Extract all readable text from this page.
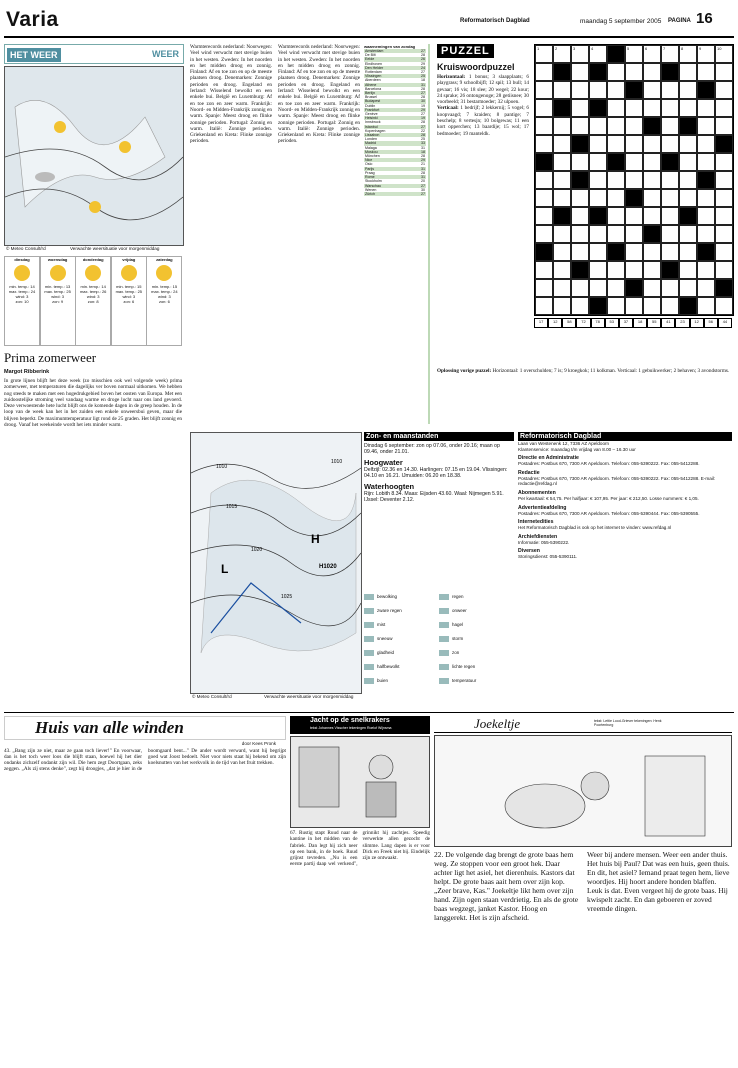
Varia	Reformatorisch Dagblad	maandag 5 september 2005 PAGINA 16
HET WEER	WEER
© Meteo Consult/rd	Verwachte weersituatie voor morgenmiddag
dinsdag
min. temp.: 14
max. temp.: 24
wind: 3
zon: 10
woensdag
min. temp.: 13
max. temp.: 25
wind: 3
zon: 9
donderdag
min. temp.: 14
max. temp.: 26
wind: 3
zon: 8
vrijdag
min. temp.: 15
max. temp.: 25
wind: 3
zon: 6
zaterdag
min. temp.: 15
max. temp.: 24
wind: 3
zon: 6
Prima zomerweer
Margot Ribberink
In grote lijnen blijft het deze week (zo misschien ook wel volgende week) prima zomerweer, met temperaturen die dagelijks ver boven normaal uitkomen. We hebben nog steeds te maken met een hogedrukgebied boven het oosten van Europa. Met een zuidoostelijke stroming veel vandaag warme en droge lucht naar ons land gevoerd. Deze verwoestende hete lucht blijft ons de komende dagen in de greep houden. In de loop van de week kan het in het zuiden een enkele onweersbui geven, maar die blijven beperkt. De maximumtemperatuur ligt rond de 25 graden. Het blijft zonnig en droog. Vanaf het weekeinde wordt het iets minder warm.
Warmterecords nederland: Noorwegen: Veel wind verwacht met stevige buien in het westen. Zweden: In het noorden en het midden droog en zonnig. Finland: Af en toe zon en op de meeste plaatsen droog. Denemarken: Zonnige perioden en droog. Engeland en Ierland: Wisselend bewolkt en een enkele bui. België en Luxemburg: Af en toe zon en zeer warm. Frankrijk: Noord- en Midden-Frankrijk zonnig en warm. Spanje: Meest droog en flinke zonnige perioden. Portugal: Zonnig en warm. Italië: Zonnige perioden. Griekenland en Kreta: Flinke zonnige perioden.
Warmterecords nederland: Noorwegen: Veel wind verwacht met stevige buien in het westen. Zweden: In het noorden en het midden droog en zonnig. Finland: Af en toe zon en op de meeste plaatsen droog. Denemarken: Zonnige perioden en droog. Engeland en Ierland: Wisselend bewolkt en een enkele bui. België en Luxemburg: Af en toe zon en zeer warm. Frankrijk: Noord- en Midden-Frankrijk zonnig en warm. Spanje: Meest droog en flinke zonnige perioden. Portugal: Zonnig en warm. Italië: Zonnige perioden. Griekenland en Kreta: Flinke zonnige perioden.
waarnemingen van zondag
Amsterdam	27
De Bilt	28
Eelde	26
Eindhoven	29
Den Helder	24
Rotterdam	27
Vlissingen	25
Aberdeen	18
Athene	31
Barcelona	28
Berlijn	27
Brussel	28
Budapest	30
Dublin	19
Frankfurt	29
Genève	27
Helsinki	19
Innsbruck	28
Istanbul	27
Kopenhagen	22
Lissabon	28
Londen	25
Madrid	33
Malaga	31
Moskou	18
München	28
Nice	29
Oslo	21
Parijs	31
Praag	28
Rome	31
Stockholm	20
Warschau	27
Wenen	30
Zürich	27
PUZZEL
Kruiswoordpuzzel
Horizontaal: 1 bonus; 3 slaapplaats; 6 playgrass; 9 schoolbijfl; 12 spil; 13 bull; 14 gevaar; 16 vis; 18 slee; 20 wegel; 22 kour; 24 sprake; 26 ontongenoge; 28 getiisnee; 30 voorbeeld; 31 bestarmoeder; 32 ulpoen.
Verticaal: 1 bedrijf; 2 lekkernij; 5 vogel; 6 koopvaagd; 7 kraiden; 8 pantige; 7 beschelp; 8 vertesjn; 10 bolgewas; 11 een kort opperchen; 13 baardije; 15 wol; 17 bedmoeder; 19 manteldk.
1	2	3	4	5	6	7	8	9	10
17	12	58	72	78	53	37	18	55	41	23	12	56	44
Oplossing vorige puzzel: Horizontaal: 1 overschulden; 7 is; 9 kroegkok; 11 kolkman. Verticaal: 1 gebuikwerker; 2 behaven; 3 avondstorms.
Zon- en maanstanden
Dinsdag 6 september: zon op 07.06, onder 20.16; maan op 09.46, onder 21.01.
Hoogwater
Delfzijl: 02.36 en 14.30. Harlingen: 07.15 en 19.04. Vlissingen: 04.10 en 16.21. IJmuiden: 06.20 en 18.38.
Waterhoogten
Rijn: Lobith 8.34. Maas: Eijsden 43.60. Waal: Nijmegen 5.91. IJssel: Deventer 2.12.
Reformatorisch Dagblad
Laan van Westenenk 12, 7336 AZ Apeldoorn
Klantenservice: maandag t/m vrijdag van 8.00 – 16.30 uur
Directie en Administratie
Postadres: Postbus 670, 7300 AR Apeldoorn. Telefoon: 055-5390222. Fax: 055-5412288.
Redactie
Postadres: Postbus 670, 7300 AR Apeldoorn. Telefoon: 055-5390222. Fax: 055-5412288. E-mail: redactie@refdag.nl
Abonnementen
Per kwartaal: € 54,75. Per halfjaar: € 107,95. Per jaar: € 212,50. Losse nummers: € 1,05.
Advertentieafdeling
Postadres: Postbus 670, 7300 AR Apeldoorn. Telefoon: 055-5390444. Fax: 055-5390555.
Internetedities
Het Reformatorisch Dagblad is ook op het internet te vinden: www.refdag.nl
Archiefdiensten
Informatie: 055-5390222.
Diversen
Storingsdienst: 055-5390111.
1010
1015
1020
1025
H
L	H1020
1010
© Meteo Consult/rd	Verwachte weersituatie voor morgenmiddag
bewolking	regen
zware regen	onweer
mist	hagel
sneeuw	storm
gladheid	zon
halfbewolkt	lichte regen
buien	temperatuur
Huis van alle winden
door Kees Pronk
43. „Bang zijn ze niet, maar ze gaan toch liever!" En voorwaar, dan is het toch weer loos die blijft staan, hoewel hij het dier ondanks zichzelf ondankt zijn wil. Die hem zegt Doortgaan, zeks zeggen. „Als zij stens denke", zegt hij droogjes, „dat je hier in de boomgaard bent..." De ander wordt verward, want hij begrijpt goed wat Joost bedoelt. Niet voor niets staat hij bekend om zijn koelsnutten van het werkvolk in de tijd van het fruit trekken.
Jacht op de snelkrakers
tekst Johannes Visscher tekeningen Roelof Wijnsma
67. Rustig stapt Ruud naar de kantine in het midden van de fabriek. Dan legt hij zich neer op een bank, in de hoek. Ruud grijnst tevreden. „Nu is een eerste partij daap wel verkend", grinnikt hij zachtjes. Speedig verwerkte allen gezocht de slimme. Lang dapen is er voor Dick en Freek niet bij. Eindelijk zijn ze ontwaakt.
Joekeltje	tekst: Lettie Lood-Griever tekeningen: Henk Poortenburg
22. De volgende dag brengt de grote baas hem weg. Ze stoppen voor een groot hek. Daar achter ligt het asiel, het dierenhuis. Kastors dat helpt. De grote baas aait hem over zijn kop. „Zeer brave, Kas." Joekeltje likt hem over zijn hand. Zijn ogen staan verdrietig. En als de grote baas wegzegt, janket Kastor. Hoog en langgerekt. Het is zijn afscheid.
Weer bij andere mensen. Weer een ander thuis. Het huis bij Paul? Dat was een huis, geen thuis. En dit, het asiel? Iemand praat tegen hem, lieve woordjes. Hij hoort andere honden blaffen. Leuk is dat. Even vergeet hij de grote baas. Hij kwispelt zacht. En dan geboeren er zoved vreemde dingen.
